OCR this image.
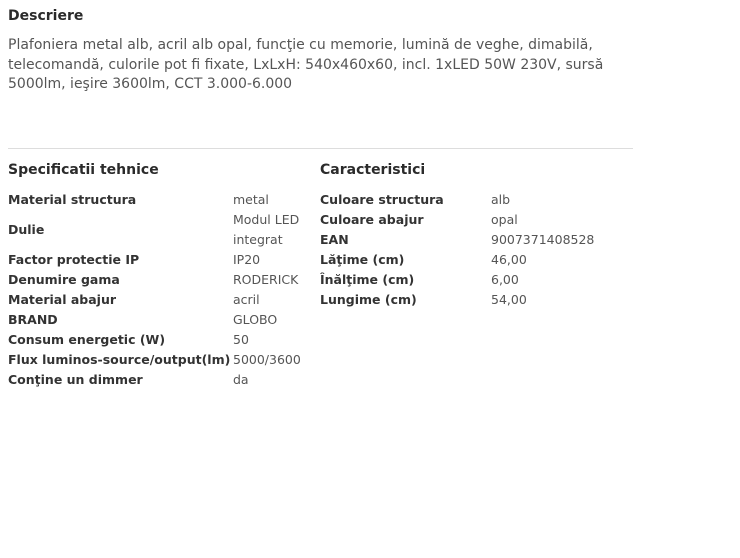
Descriere

Plafoniera metal alb, acril alb opal, funcţie cu memorie, lumină de veghe, dimabilă, telecomandă, culorile pot fi fixate, LxLxH: 540x460x60, incl. 1xLED 50W 230V, sursă 5000lm, ieşire 3600lm, CCT 3.000-6.000

Specificatii tehnice	Caracteristici
Material structura	metal
Dulie	Modul LED integrat
Factor protectie IP	IP20
Denumire gama	RODERICK
Material abajur	acril
BRAND	GLOBO
Consum energetic (W)	50
Flux luminos-source/output(lm)	5000/3600
Conţine un dimmer	da
Culoare structura	alb
Culoare abajur	opal
EAN	9007371408528
Lăţime (cm)	46,00
Înălţime (cm)	6,00
Lungime (cm)	54,00
